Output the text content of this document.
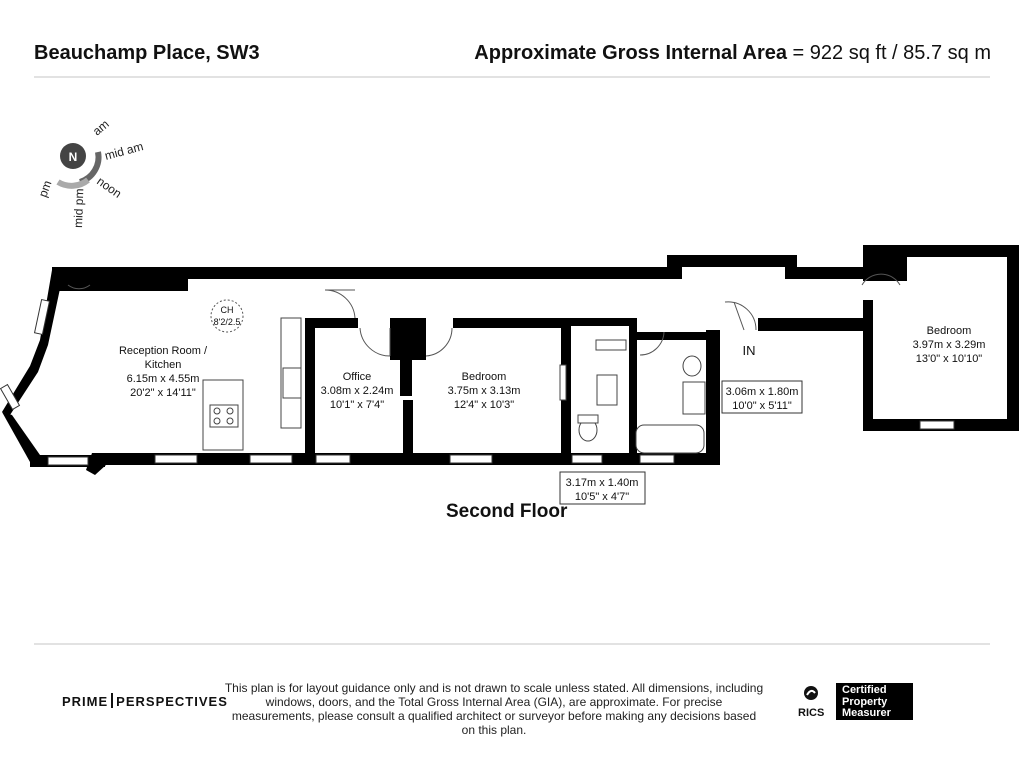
Beauchamp Place, SW3	Approximate Gross Internal Area = 922 sq ft / 85.7 sq m
N
am
mid am
noon
pm mid pm
Reception Room /
Kitchen
6.15m x 4.55m
20'2" x 14'11"
Office
3.08m x 2.24m
10'1" x 7'4"
Bedroom
3.75m x 3.13m
12'4" x 10'3"
Bedroom
3.97m x 3.29m
13'0" x 10'10"
CH
8'2/2.5
3.06m x 1.80m
10'0" x 5'11"
3.17m x 1.40m
10'5" x 4'7"
IN
Second Floor
PRIME PERSPECTIVES
This plan is for layout guidance only and is not drawn to scale unless stated. All dimensions, including windows, doors, and the Total Gross Internal Area (GIA), are approximate. For precise measurements, please consult a qualified architect or surveyor before making any decisions based on this plan.
RICS
Certified
Property
Measurer
